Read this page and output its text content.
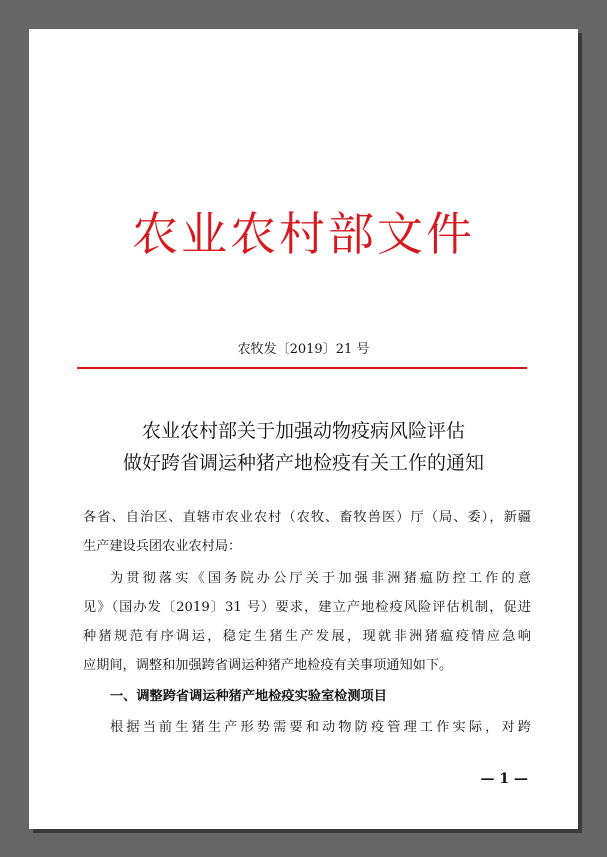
农业农村部文件
农牧发〔2019〕21 号
农业农村部关于加强动物疫病风险评估
做好跨省调运种猪产地检疫有关工作的通知
各省、自治区、直辖市农业农村（农牧、畜牧兽医）厅（局、委），新疆
生产建设兵团农业农村局：
为贯彻落实《国务院办公厅关于加强非洲猪瘟防控工作的意
见》（国办发〔2019〕31 号）要求，建立产地检疫风险评估机制，促进
种猪规范有序调运，稳定生猪生产发展，现就非洲猪瘟疫情应急响
应期间，调整和加强跨省调运种猪产地检疫有关事项通知如下。
一、调整跨省调运种猪产地检疫实验室检测项目
根据当前生猪生产形势需要和动物防疫管理工作实际，对跨
— 1 —
